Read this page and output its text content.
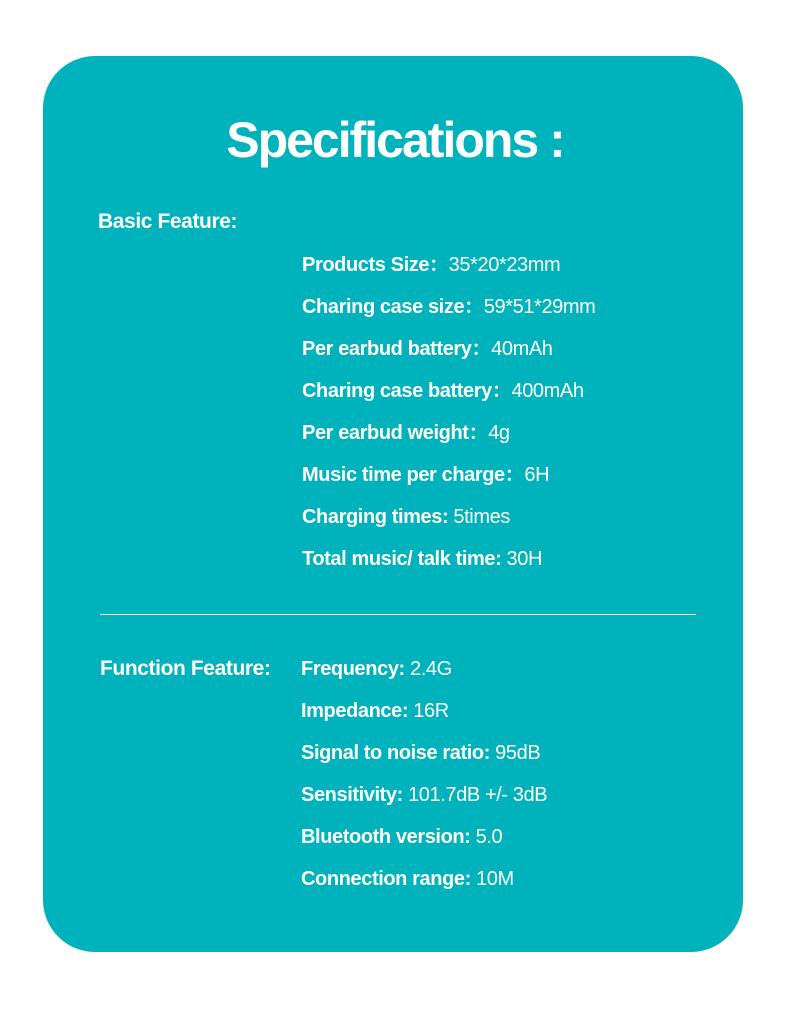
Specifications :
Basic Feature:
Products Size：35*20*23mm
Charing case size：59*51*29mm
Per earbud battery：40mAh
Charing case battery：400mAh
Per earbud weight：4g
Music time per charge：6H
Charging times: 5times
Total music/ talk time: 30H
Function Feature: Frequency: 2.4G
Impedance: 16R
Signal to noise ratio: 95dB
Sensitivity: 101.7dB +/- 3dB
Bluetooth version: 5.0
Connection range: 10M
